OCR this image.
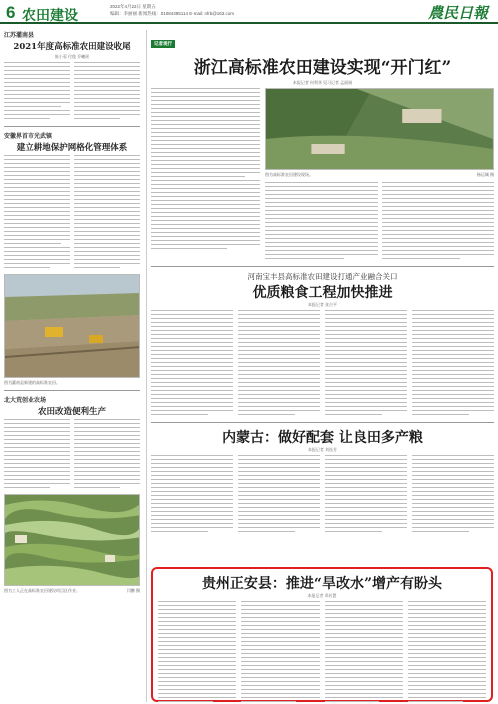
6 农田建设
2022年4月22日 星期五
编辑：李丽丽 新闻热线：01084395114 E-mail: nfrb@163.com	農民日報
江苏灌南县
2021年度高标准农田建设收尾
陈小蓉 付俊 乔曦瑶
安徽界首市光武镇
建立耕地保护网格化管理体系
图为灌南县新建的高标准农田。
北大荒创业农场
农田改造便利生产
图为工人正在高标准农田建设项目区作业。	闫鹏 摄
记者观行
浙江高标准农田建设实现“开门红”
本报记者 何利华 见习记者 孟丽娟
图为高标准农田建设现场。	杨运城 摄
河南宝丰县高标准农田建设打通产业融合关口
优质粮食工程加快推进
本报记者 张吉平
内蒙古：做好配套 让良田多产粮
本报记者 刘连芳
贵州正安县：推进“旱改水”增产有盼头
本报记者 邓若愚
